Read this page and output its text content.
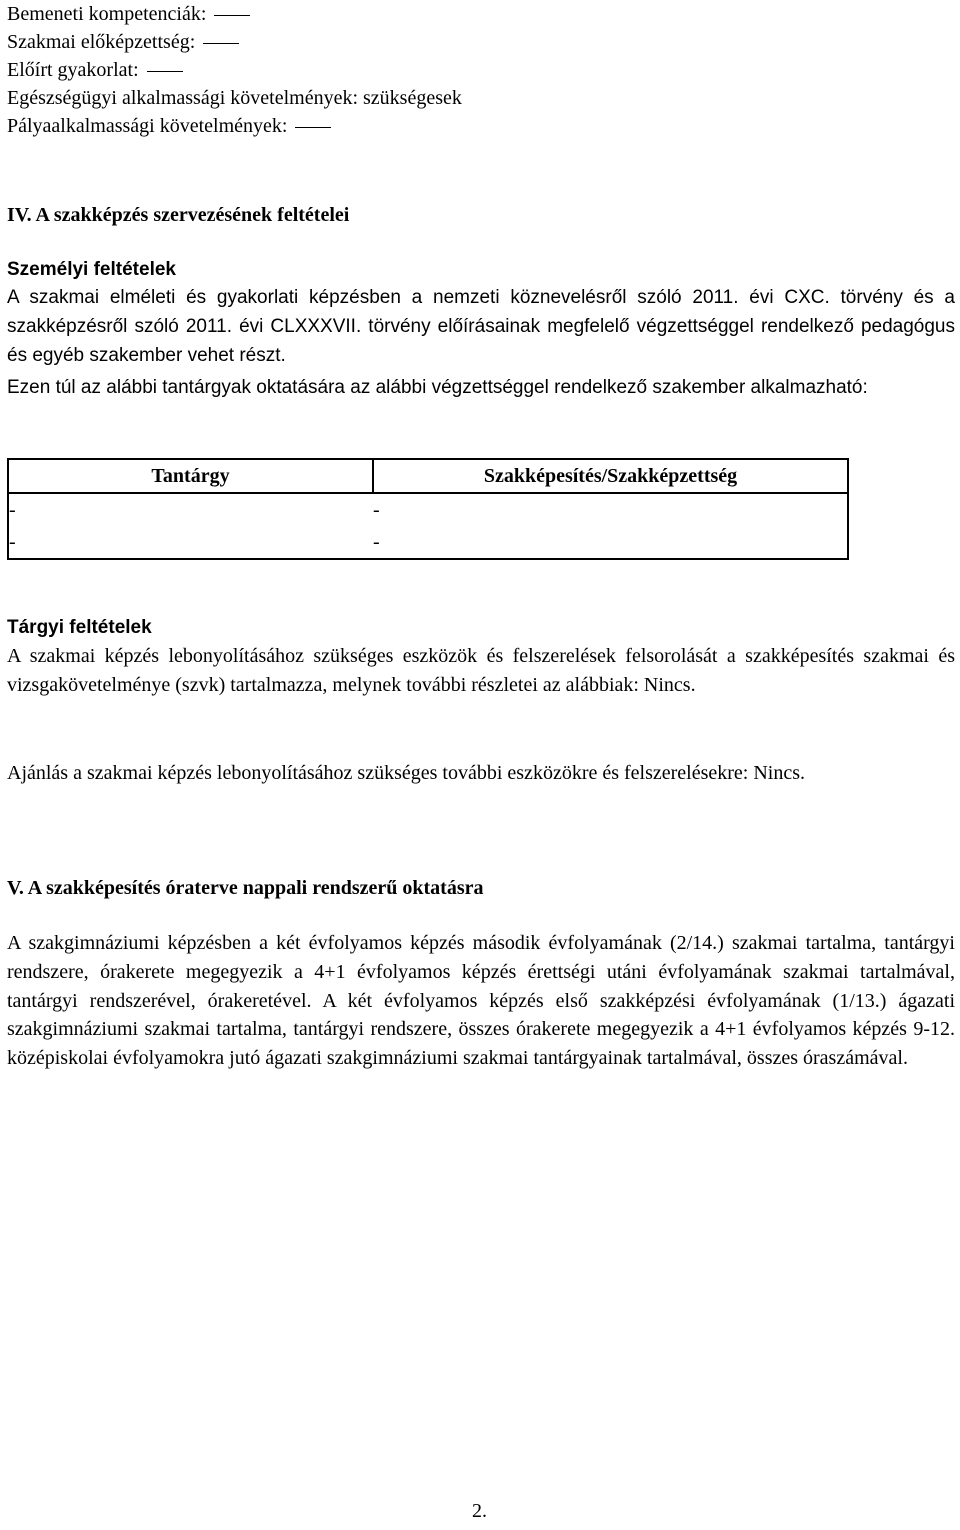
Bemeneti kompetenciák:
Szakmai előképzettség:
Előírt gyakorlat:
Egészségügyi alkalmassági követelmények: szükségesek
Pályaalkalmassági követelmények:
IV. A szakképzés szervezésének feltételei
Személyi feltételek
A szakmai elméleti és gyakorlati képzésben a nemzeti köznevelésről szóló 2011. évi CXC. törvény és a szakképzésről szóló 2011. évi CLXXXVII. törvény előírásainak megfelelő végzettséggel rendelkező pedagógus és egyéb szakember vehet részt.
Ezen túl az alábbi tantárgyak oktatására az alábbi végzettséggel rendelkező szakember alkalmazható:
Tantárgy	Szakképesítés/Szakképzettség
-	-
-	-
Tárgyi feltételek
A szakmai képzés lebonyolításához szükséges eszközök és felszerelések felsorolását a szakképesítés szakmai és vizsgakövetelménye (szvk) tartalmazza, melynek további részletei az alábbiak: Nincs.
Ajánlás a szakmai képzés lebonyolításához szükséges további eszközökre és felszerelésekre: Nincs.
V. A szakképesítés óraterve nappali rendszerű oktatásra
A szakgimnáziumi képzésben a két évfolyamos képzés második évfolyamának (2/14.) szakmai tartalma, tantárgyi rendszere, órakerete megegyezik a 4+1 évfolyamos képzés érettségi utáni évfolyamának szakmai tartalmával, tantárgyi rendszerével, órakeretével. A két évfolyamos képzés első szakképzési évfolyamának (1/13.) ágazati szakgimnáziumi szakmai tartalma, tantárgyi rendszere, összes órakerete megegyezik a 4+1 évfolyamos képzés 9-12. középiskolai évfolyamokra jutó ágazati szakgimnáziumi szakmai tantárgyainak tartalmával, összes óraszámával.
2.
